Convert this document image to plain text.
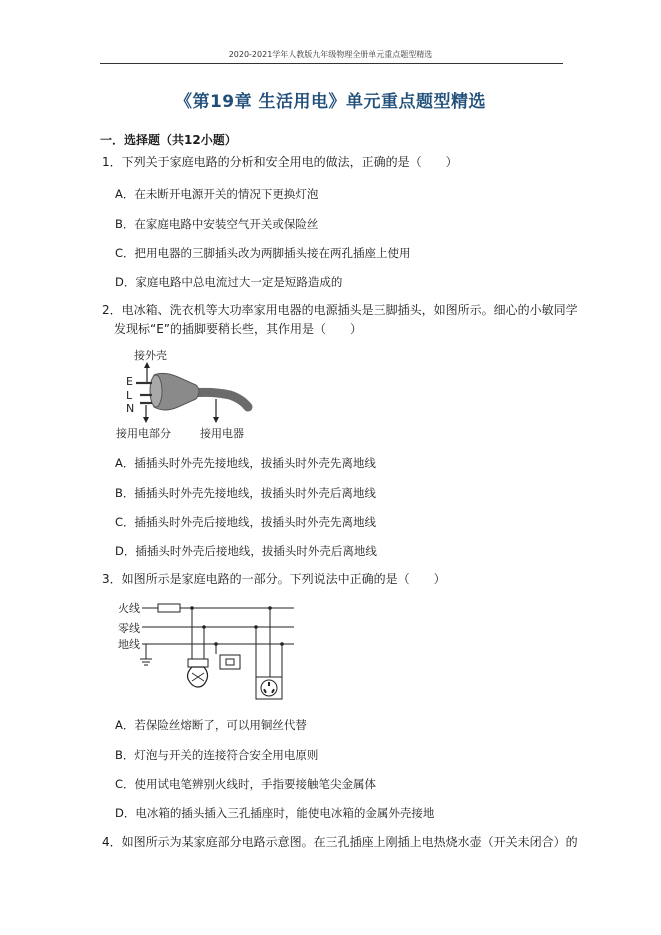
2020-2021学年人教版九年级物理全册单元重点题型精选
《第19章 生活用电》单元重点题型精选
一．选择题（共12小题）
1．下列关于家庭电路的分析和安全用电的做法，正确的是（　　）
A．在未断开电源开关的情况下更换灯泡
B．在家庭电路中安装空气开关或保险丝
C．把用电器的三脚插头改为两脚插头接在两孔插座上使用
D．家庭电路中总电流过大一定是短路造成的
2．电冰箱、洗衣机等大功率家用电器的电源插头是三脚插头，如图所示。细心的小敏同学
发现标“E”的插脚要稍长些，其作用是（　　）
接外壳
E
L
N
接用电部分	接用电器
A．插插头时外壳先接地线，拔插头时外壳先离地线
B．插插头时外壳先接地线，拔插头时外壳后离地线
C．插插头时外壳后接地线，拔插头时外壳先离地线
D．插插头时外壳后接地线，拔插头时外壳后离地线
3．如图所示是家庭电路的一部分。下列说法中正确的是（　　）
火线
零线
地线
A．若保险丝熔断了，可以用铜丝代替
B．灯泡与开关的连接符合安全用电原则
C．使用试电笔辨别火线时，手指要接触笔尖金属体
D．电冰箱的插头插入三孔插座时，能使电冰箱的金属外壳接地
4．如图所示为某家庭部分电路示意图。在三孔插座上刚插上电热烧水壶（开关未闭合）的
